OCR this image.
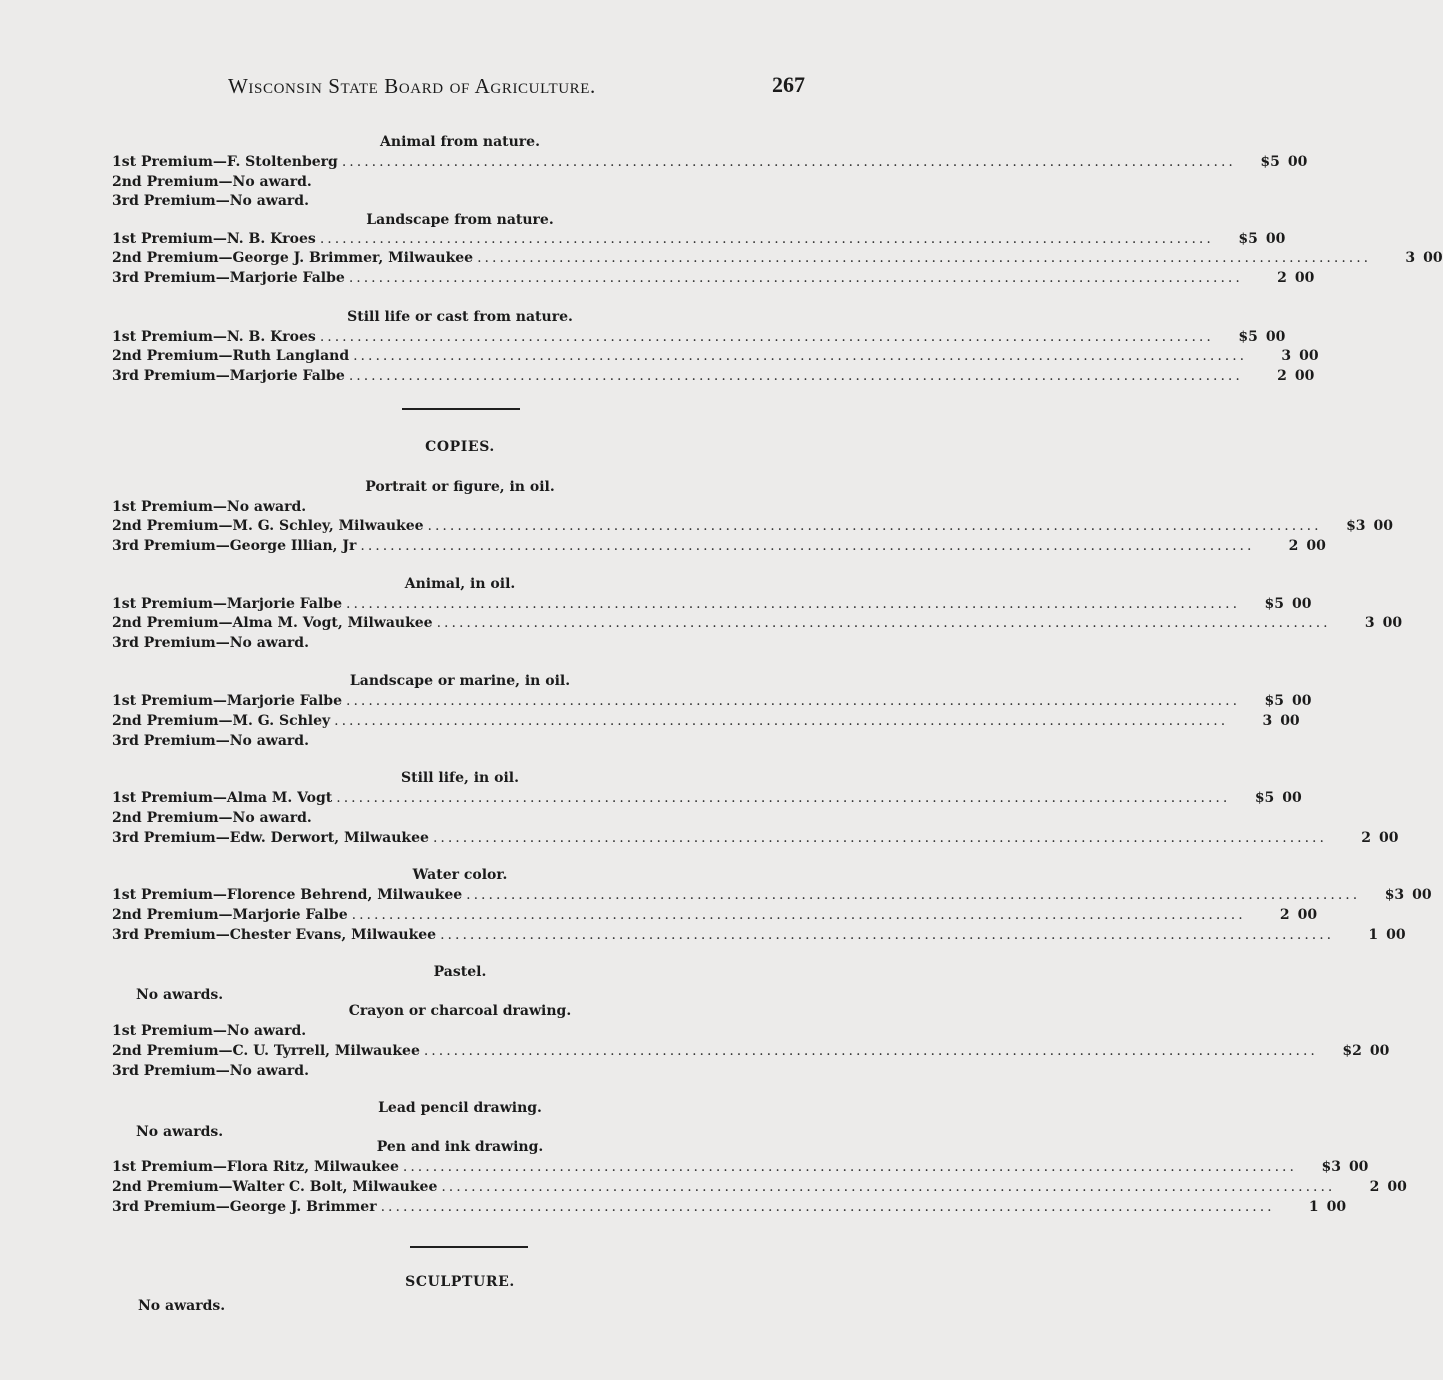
Wisconsin State Board of Agriculture.	267
Animal from nature.
Landscape from nature.
Still life or cast from nature.
COPIES.
Portrait or figure, in oil.
Animal, in oil.
Landscape or marine, in oil.
Still life, in oil.
Water color.
Pastel.
No awards.
Crayon or charcoal drawing.
Lead pencil drawing.
No awards.
Pen and ink drawing.
SCULPTURE.
No awards.
1st Premium — F. Stoltenberg ........................................................................................................................	$5 00
2nd Premium — No award.
3rd Premium — No award.
1st Premium — N. B. Kroes ........................................................................................................................	$5 00
2nd Premium — George J. Brimmer, Milwaukee ........................................................................................................................	3 00
3rd Premium — Marjorie Falbe ........................................................................................................................	2 00
1st Premium — N. B. Kroes ........................................................................................................................	$5 00
2nd Premium — Ruth Langland ........................................................................................................................	3 00
3rd Premium — Marjorie Falbe ........................................................................................................................	2 00
1st Premium — No award.
2nd Premium — M. G. Schley, Milwaukee ........................................................................................................................	$3 00
3rd Premium — George Illian, Jr ........................................................................................................................	2 00
1st Premium — Marjorie Falbe ........................................................................................................................	$5 00
2nd Premium — Alma M. Vogt, Milwaukee ........................................................................................................................	3 00
3rd Premium — No award.
1st Premium — Marjorie Falbe ........................................................................................................................	$5 00
2nd Premium — M. G. Schley ........................................................................................................................	3 00
3rd Premium — No award.
1st Premium — Alma M. Vogt ........................................................................................................................	$5 00
2nd Premium — No award.
3rd Premium — Edw. Derwort, Milwaukee ........................................................................................................................	2 00
1st Premium — Florence Behrend, Milwaukee ........................................................................................................................	$3 00
2nd Premium — Marjorie Falbe ........................................................................................................................	2 00
3rd Premium — Chester Evans, Milwaukee ........................................................................................................................	1 00
1st Premium — No award.
2nd Premium — C. U. Tyrrell, Milwaukee ........................................................................................................................	$2 00
3rd Premium — No award.
1st Premium — Flora Ritz, Milwaukee ........................................................................................................................	$3 00
2nd Premium — Walter C. Bolt, Milwaukee ........................................................................................................................	2 00
3rd Premium — George J. Brimmer ........................................................................................................................	1 00
